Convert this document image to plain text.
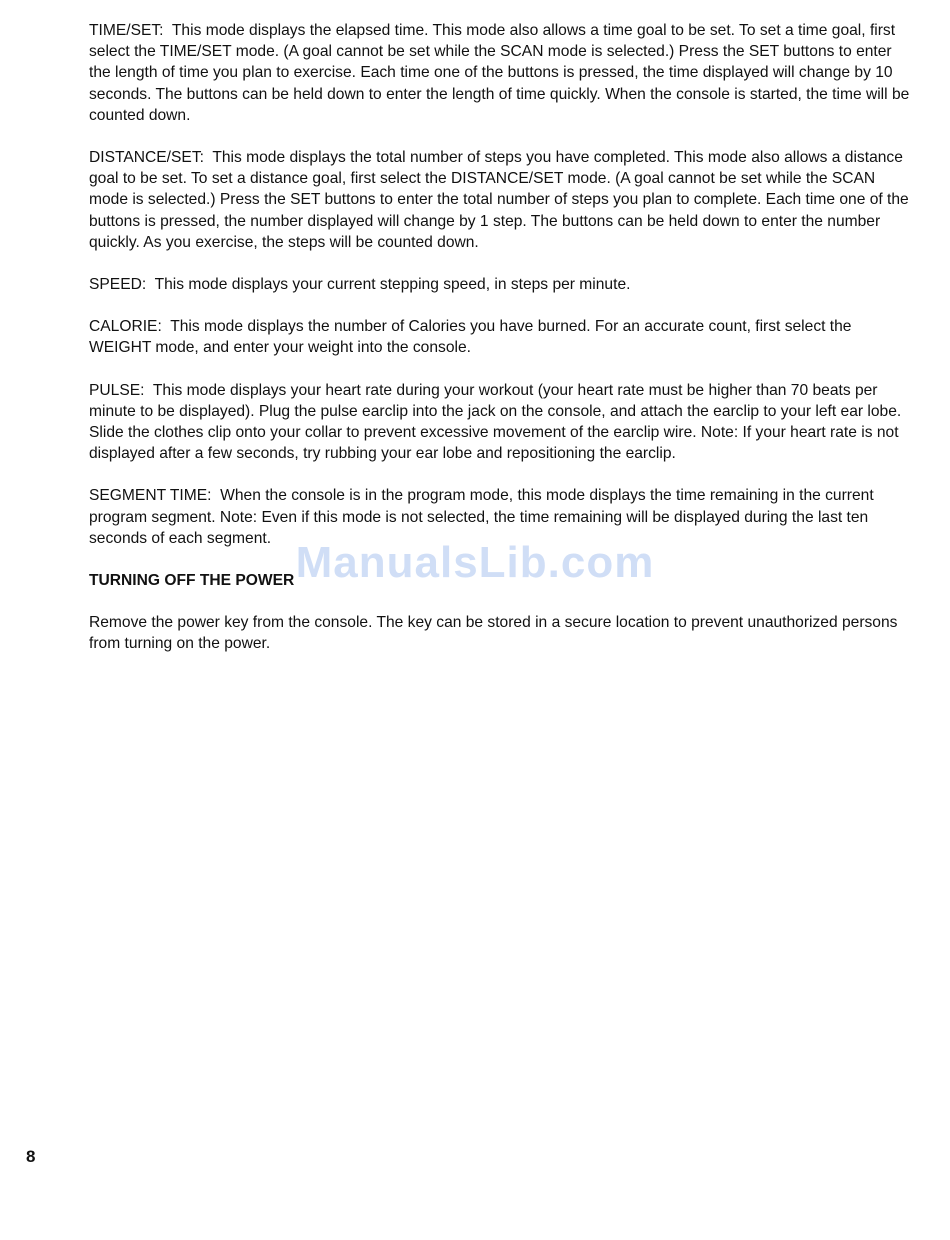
TIME/SET: This mode displays the elapsed time. This mode also allows a time goal to be set. To set a time goal, first select the TIME/SET mode. (A goal cannot be set while the SCAN mode is selected.) Press the SET buttons to enter the length of time you plan to exercise. Each time one of the buttons is pressed, the time displayed will change by 10 seconds. The buttons can be held down to enter the length of time quickly. When the console is started, the time will be counted down.

DISTANCE/SET: This mode displays the total number of steps you have completed. This mode also allows a distance goal to be set. To set a distance goal, first select the DISTANCE/SET mode. (A goal cannot be set while the SCAN mode is selected.) Press the SET buttons to enter the total number of steps you plan to complete. Each time one of the buttons is pressed, the number displayed will change by 1 step. The buttons can be held down to enter the number quickly. As you exercise, the steps will be counted down.

SPEED: This mode displays your current stepping speed, in steps per minute.

CALORIE: This mode displays the number of Calories you have burned. For an accurate count, first select the WEIGHT mode, and enter your weight into the console.

PULSE: This mode displays your heart rate during your workout (your heart rate must be higher than 70 beats per minute to be displayed). Plug the pulse earclip into the jack on the console, and attach the earclip to your left ear lobe. Slide the clothes clip onto your collar to prevent excessive movement of the earclip wire. Note: If your heart rate is not displayed after a few seconds, try rubbing your ear lobe and repositioning the earclip.

SEGMENT TIME: When the console is in the program mode, this mode displays the time remaining in the current program segment. Note: Even if this mode is not selected, the time remaining will be displayed during the last ten seconds of each segment.

TURNING OFF THE POWER

Remove the power key from the console. The key can be stored in a secure location to prevent unauthorized persons from turning on the power.

ManualsLib.com
8
